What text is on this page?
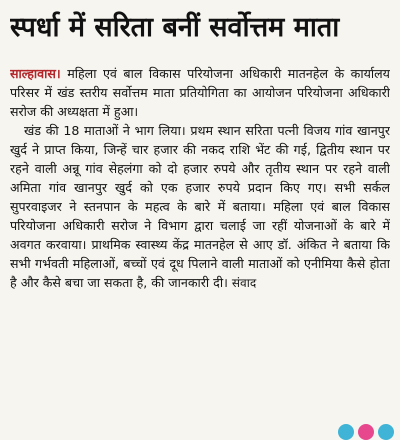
स्पर्धा में सरिता बनीं सर्वोत्तम माता

साल्हावास। महिला एवं बाल विकास परियोजना अधिकारी मातनहेल के कार्यालय परिसर में खंड स्तरीय सर्वोत्तम माता प्रतियोगिता का आयोजन परियोजना अधिकारी सरोज की अध्यक्षता में हुआ।

खंड की 18 माताओं ने भाग लिया। प्रथम स्थान सरिता पत्नी विजय गांव खानपुर खुर्द ने प्राप्त किया, जिन्हें चार हजार की नकद राशि भेंट की गई, द्वितीय स्थान पर रहने वाली अन्नू गांव सेहलंगा को दो हजार रुपये और तृतीय स्थान पर रहने वाली अमिता गांव खानपुर खुर्द को एक हजार रुपये प्रदान किए गए। सभी सर्कल सुपरवाइजर ने स्तनपान के महत्व के बारे में बताया। महिला एवं बाल विकास परियोजना अधिकारी सरोज ने विभाग द्वारा चलाई जा रहीं योजनाओं के बारे में अवगत करवाया। प्राथमिक स्वास्थ्य केंद्र मातनहेल से आए डॉ. अंकित ने बताया कि सभी गर्भवती महिलाओं, बच्चों एवं दूध पिलाने वाली माताओं को एनीमिया कैसे होता है और कैसे बचा जा सकता है, की जानकारी दी। संवाद
